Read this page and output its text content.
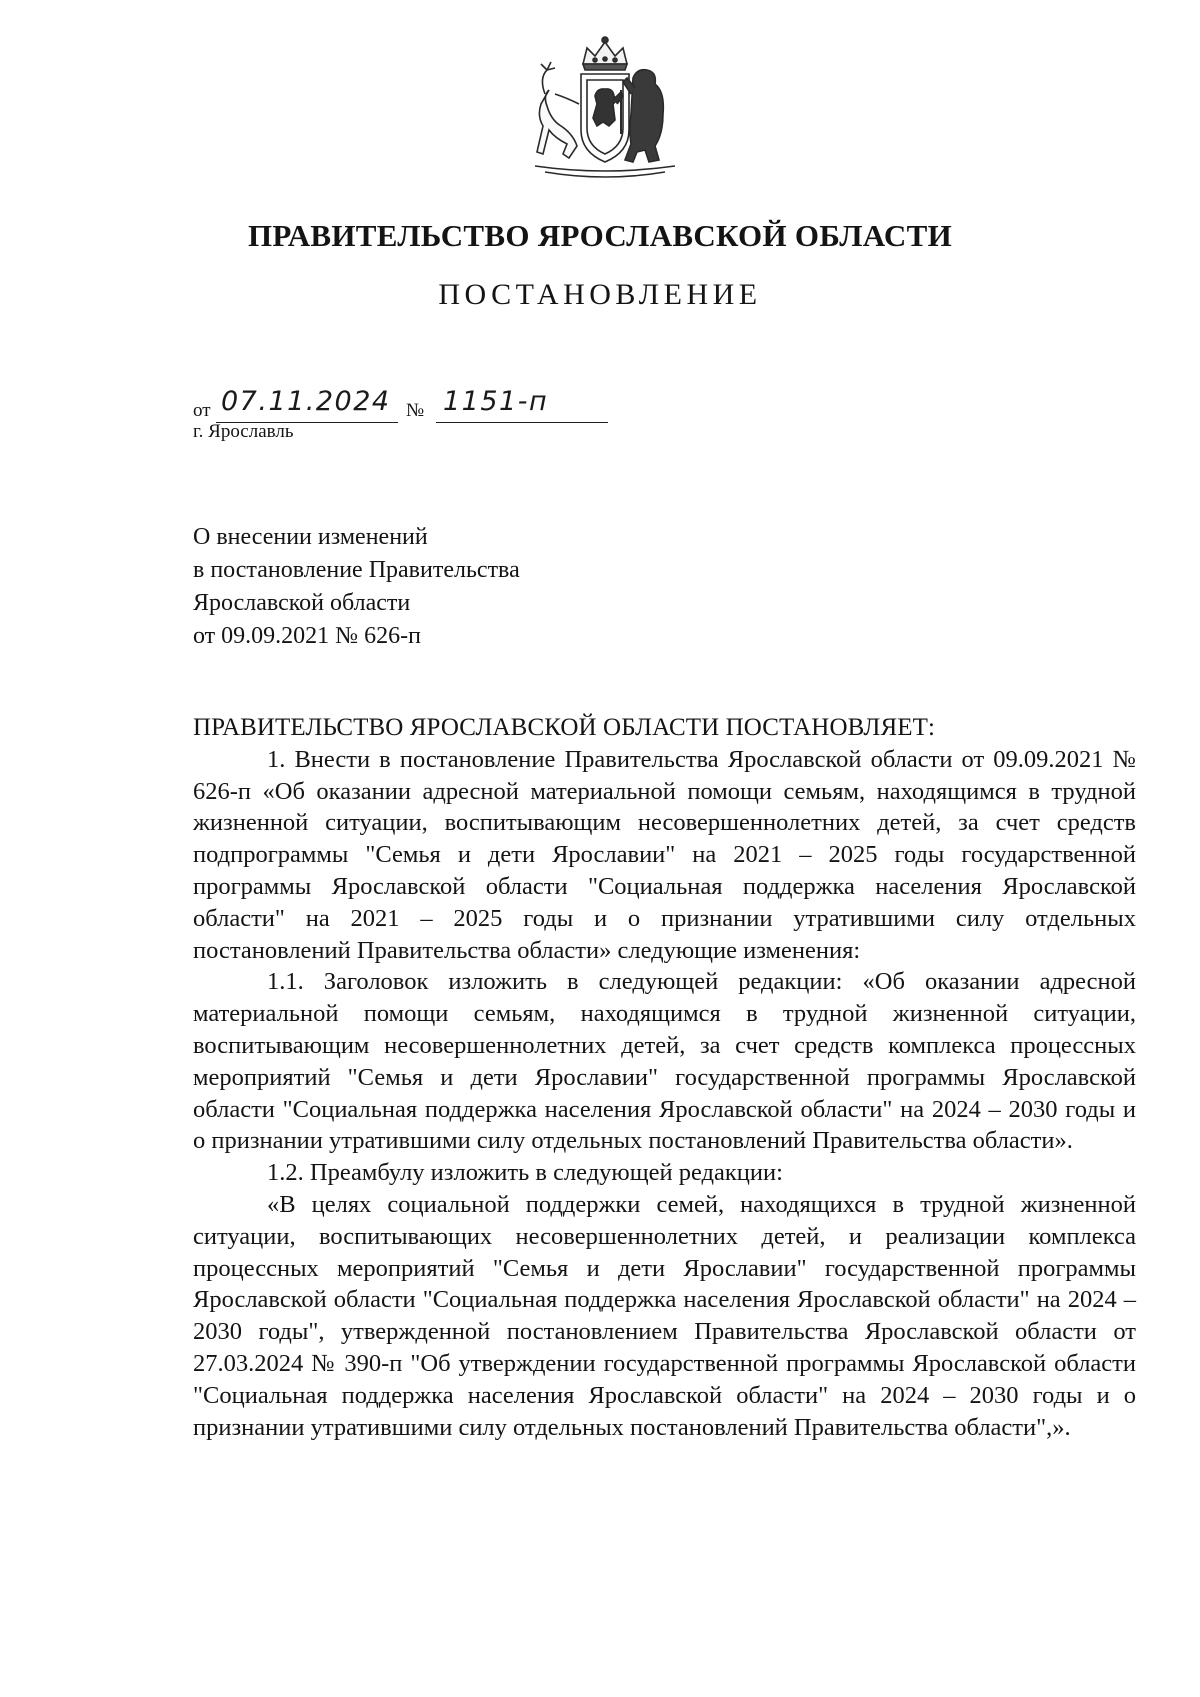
ПРАВИТЕЛЬСТВО ЯРОСЛАВСКОЙ ОБЛАСТИ
ПОСТАНОВЛЕНИЕ
от 07.11.2024 № 1151-п
г. Ярославль
О внесении изменений
в постановление Правительства
Ярославской области
от 09.09.2021 № 626-п

ПРАВИТЕЛЬСТВО ЯРОСЛАВСКОЙ ОБЛАСТИ ПОСТАНОВЛЯЕТ:

1. Внести в постановление Правительства Ярославской области от 09.09.2021 № 626-п «Об оказании адресной материальной помощи семьям, находящимся в трудной жизненной ситуации, воспитывающим несовершеннолетних детей, за счет средств подпрограммы "Семья и дети Ярославии" на 2021 – 2025 годы государственной программы Ярославской области "Социальная поддержка населения Ярославской области" на 2021 – 2025 годы и о признании утратившими силу отдельных постановлений Правительства области» следующие изменения:

1.1. Заголовок изложить в следующей редакции: «Об оказании адресной материальной помощи семьям, находящимся в трудной жизненной ситуации, воспитывающим несовершеннолетних детей, за счет средств комплекса процессных мероприятий "Семья и дети Ярославии" государственной программы Ярославской области "Социальная поддержка населения Ярославской области" на 2024 – 2030 годы и о признании утратившими силу отдельных постановлений Правительства области».

1.2. Преамбулу изложить в следующей редакции:

«В целях социальной поддержки семей, находящихся в трудной жизненной ситуации, воспитывающих несовершеннолетних детей, и реализации комплекса процессных мероприятий "Семья и дети Ярославии" государственной программы Ярославской области "Социальная поддержка населения Ярославской области" на 2024 – 2030 годы", утвержденной постановлением Правительства Ярославской области от 27.03.2024 № 390-п "Об утверждении государственной программы Ярославской области "Социальная поддержка населения Ярославской области" на 2024 – 2030 годы и о признании утратившими силу отдельных постановлений Правительства области",».
